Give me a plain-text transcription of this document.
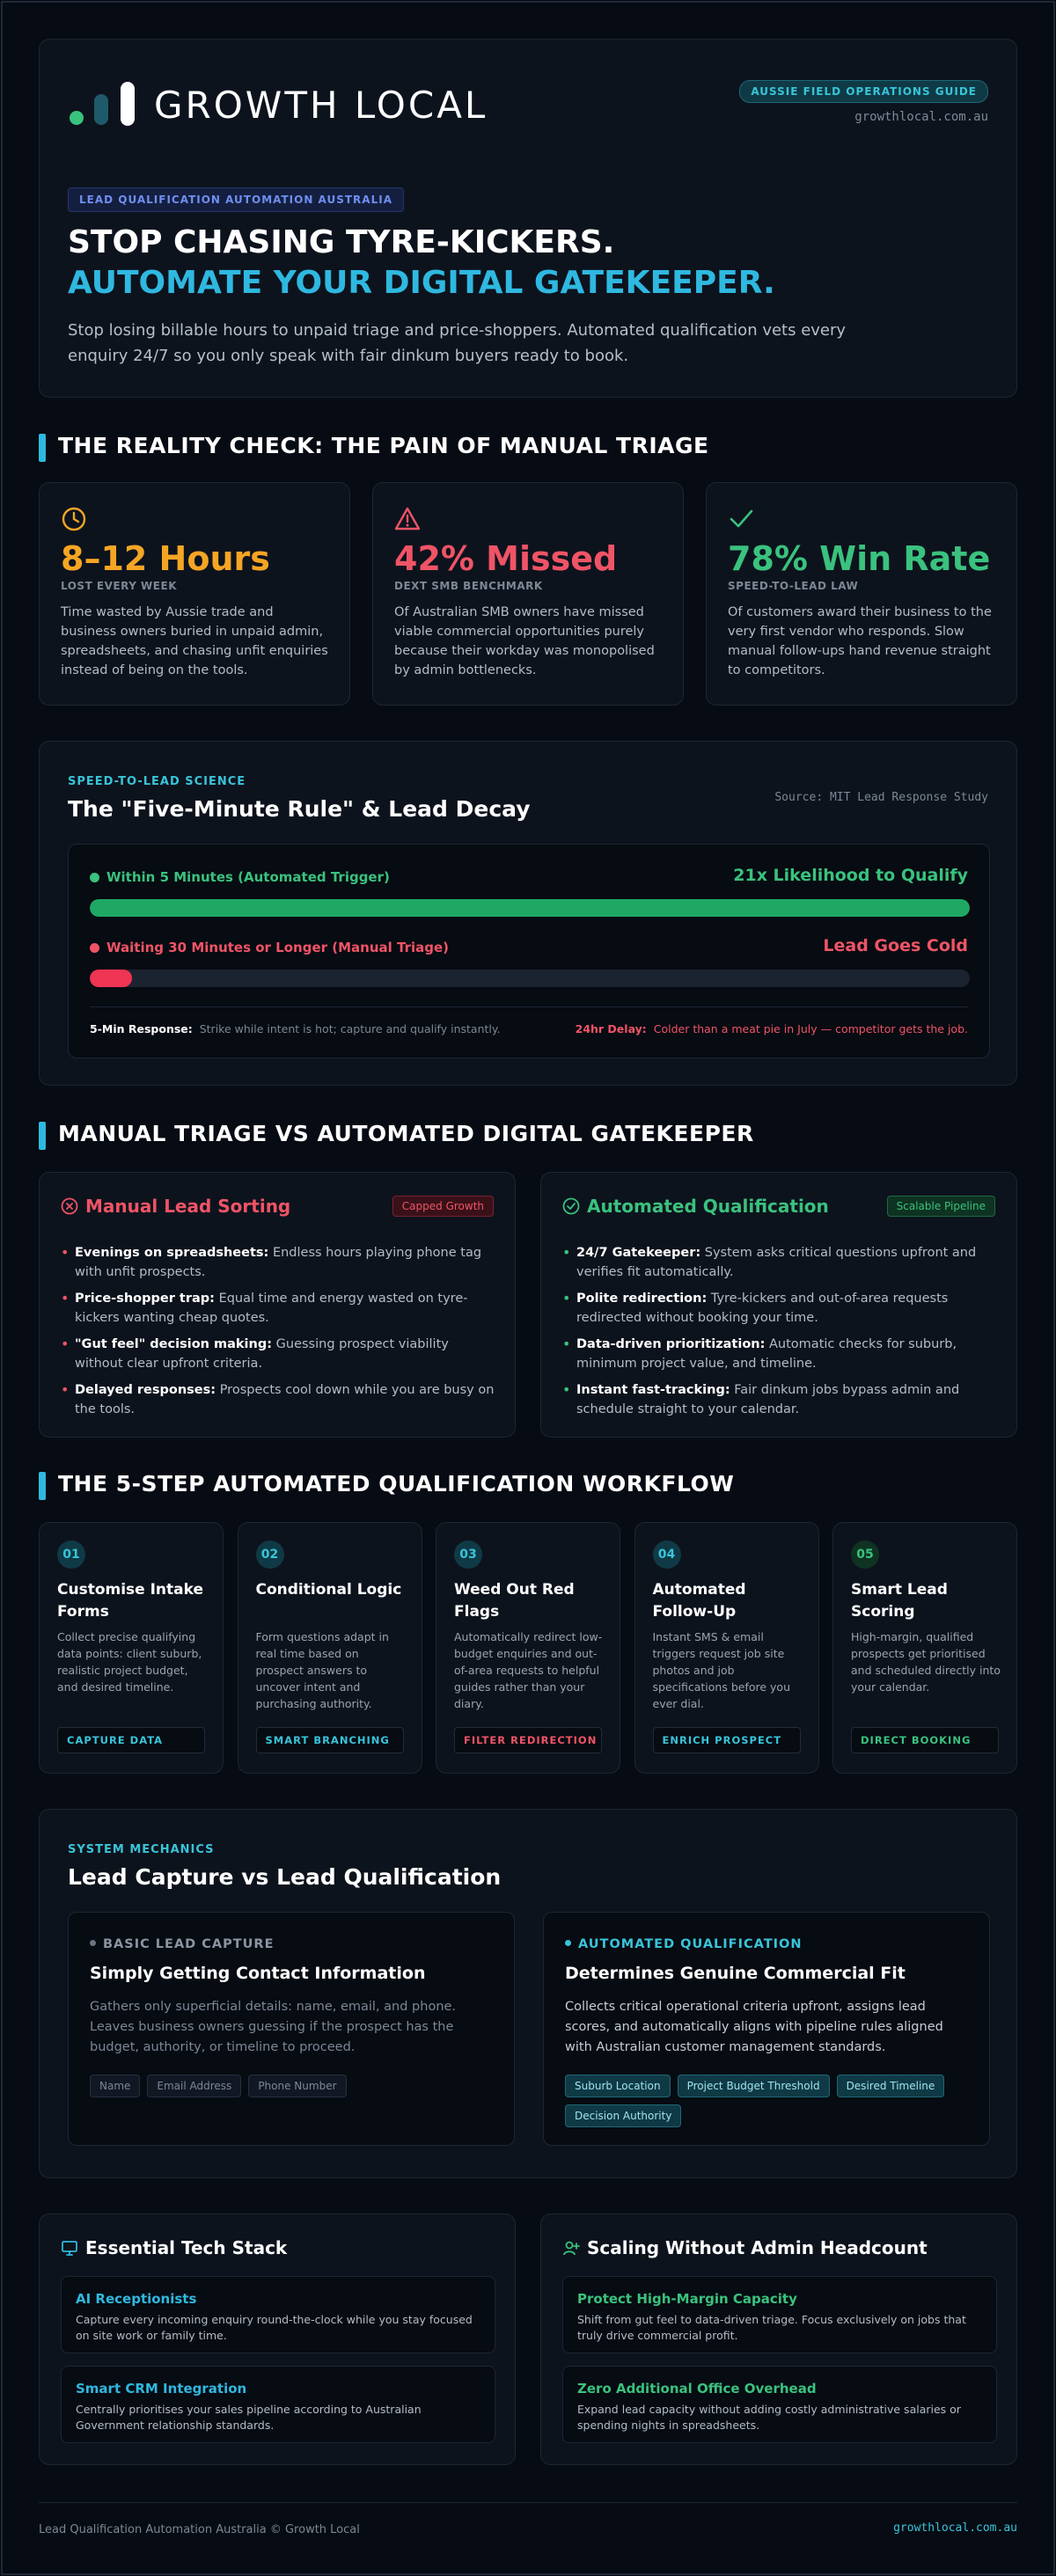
GROWTH LOCAL	AUSSIE FIELD OPERATIONS GUIDE
growthlocal.com.au
LEAD QUALIFICATION AUTOMATION AUSTRALIA
STOP CHASING TYRE-KICKERS.
AUTOMATE YOUR DIGITAL GATEKEEPER.
Stop losing billable hours to unpaid triage and price-shoppers. Automated qualification vets every enquiry 24/7 so you only speak with fair dinkum buyers ready to book.
THE REALITY CHECK: THE PAIN OF MANUAL TRIAGE
8–12 Hours
LOST EVERY WEEK
Time wasted by Aussie trade and business owners buried in unpaid admin, spreadsheets, and chasing unfit enquiries instead of being on the tools.
42% Missed
DEXT SMB BENCHMARK
Of Australian SMB owners have missed viable commercial opportunities purely because their workday was monopolised by admin bottlenecks.
78% Win Rate
SPEED-TO-LEAD LAW
Of customers award their business to the very first vendor who responds. Slow manual follow-ups hand revenue straight to competitors.
SPEED-TO-LEAD SCIENCE
The "Five-Minute Rule" & Lead Decay	Source: MIT Lead Response Study
Within 5 Minutes (Automated Trigger)	21x Likelihood to Qualify
Waiting 30 Minutes or Longer (Manual Triage)	Lead Goes Cold
5-Min Response: Strike while intent is hot; capture and qualify instantly.	24hr Delay: Colder than a meat pie in July — competitor gets the job.
MANUAL TRIAGE VS AUTOMATED DIGITAL GATEKEEPER
Manual Lead Sorting	Capped Growth
• Evenings on spreadsheets: Endless hours playing phone tag with unfit prospects.
• Price-shopper trap: Equal time and energy wasted on tyre-kickers wanting cheap quotes.
• "Gut feel" decision making: Guessing prospect viability without clear upfront criteria.
• Delayed responses: Prospects cool down while you are busy on the tools.
Automated Qualification	Scalable Pipeline
• 24/7 Gatekeeper: System asks critical questions upfront and verifies fit automatically.
• Polite redirection: Tyre-kickers and out-of-area requests redirected without booking your time.
• Data-driven prioritization: Automatic checks for suburb, minimum project value, and timeline.
• Instant fast-tracking: Fair dinkum jobs bypass admin and schedule straight to your calendar.
THE 5-STEP AUTOMATED QUALIFICATION WORKFLOW
01
Customise Intake Forms
Collect precise qualifying data points: client suburb, realistic project budget, and desired timeline.
CAPTURE DATA
02
Conditional Logic
Form questions adapt in real time based on prospect answers to uncover intent and purchasing authority.
SMART BRANCHING
03
Weed Out Red Flags
Automatically redirect low-budget enquiries and out-of-area requests to helpful guides rather than your diary.
FILTER REDIRECTION
04
Automated Follow-Up
Instant SMS & email triggers request job site photos and job specifications before you ever dial.
ENRICH PROSPECT
05
Smart Lead Scoring
High-margin, qualified prospects get prioritised and scheduled directly into your calendar.
DIRECT BOOKING
SYSTEM MECHANICS
Lead Capture vs Lead Qualification
BASIC LEAD CAPTURE
Simply Getting Contact Information
Gathers only superficial details: name, email, and phone. Leaves business owners guessing if the prospect has the budget, authority, or timeline to proceed.
Name	Email Address	Phone Number
AUTOMATED QUALIFICATION
Determines Genuine Commercial Fit
Collects critical operational criteria upfront, assigns lead scores, and automatically aligns with pipeline rules aligned with Australian customer management standards.
Suburb Location	Project Budget Threshold	Desired Timeline
Decision Authority
Essential Tech Stack
AI Receptionists
Capture every incoming enquiry round-the-clock while you stay focused on site work or family time.
Smart CRM Integration
Centrally prioritises your sales pipeline according to Australian Government relationship standards.
Scaling Without Admin Headcount
Protect High-Margin Capacity
Shift from gut feel to data-driven triage. Focus exclusively on jobs that truly drive commercial profit.
Zero Additional Office Overhead
Expand lead capacity without adding costly administrative salaries or spending nights in spreadsheets.
Lead Qualification Automation Australia © Growth Local	growthlocal.com.au
